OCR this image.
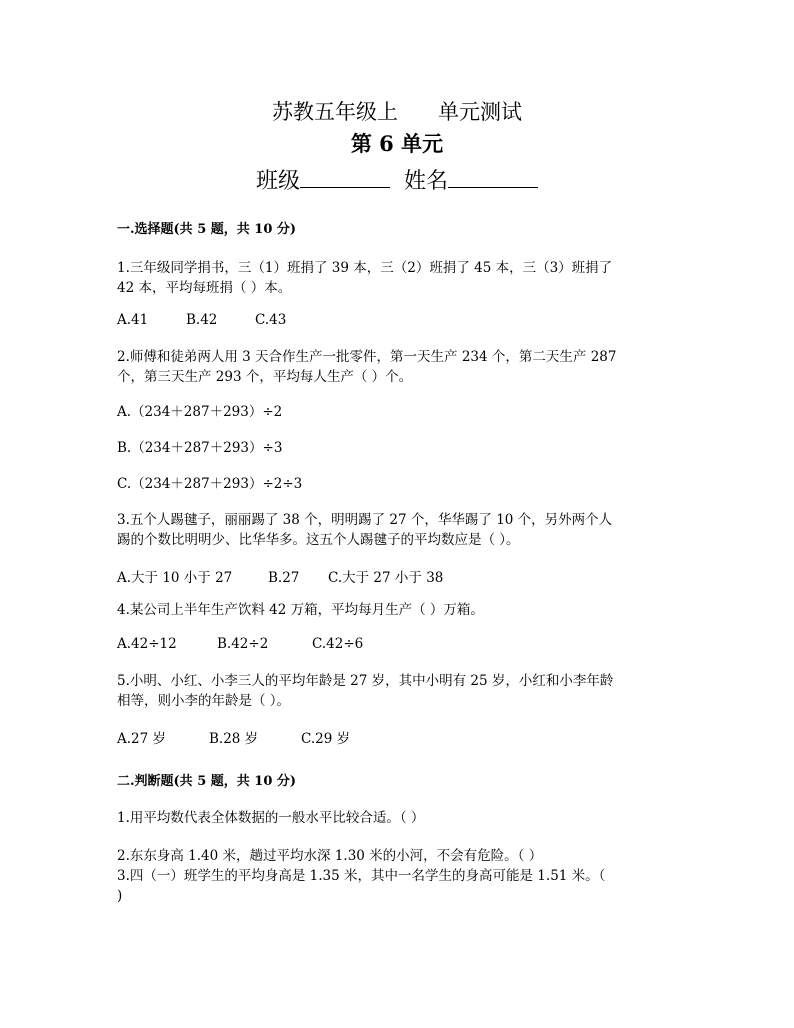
苏教五年级上      单元测试
第 6 单元
班级	姓名
一.选择题(共 5 题，共 10 分)
1.三年级同学捐书，三（1）班捐了 39 本，三（2）班捐了 45 本，三（3）班捐了
42 本，平均每班捐（ ）本。
A.41	B.42	C.43
2.师傅和徒弟两人用 3 天合作生产一批零件，第一天生产 234 个，第二天生产 287
个，第三天生产 293 个，平均每人生产（ ）个。
A.（234＋287＋293）÷2
B.（234＋287＋293）÷3
C.（234＋287＋293）÷2÷3
3.五个人踢毽子，丽丽踢了 38 个，明明踢了 27 个，华华踢了 10 个，另外两个人
踢的个数比明明少、比华华多。这五个人踢毽子的平均数应是（ ）。
A.大于 10 小于 27	B.27 C.大于 27 小于 38
4.某公司上半年生产饮料 42 万箱，平均每月生产（ ）万箱。
A.42÷12	B.42÷2	C.42÷6
5.小明、小红、小李三人的平均年龄是 27 岁，其中小明有 25 岁，小红和小李年龄
相等，则小李的年龄是（ ）。
A.27 岁	B.28 岁	C.29 岁
二.判断题(共 5 题，共 10 分)
1.用平均数代表全体数据的一般水平比较合适。（ ）
2.东东身高 1.40 米，趟过平均水深 1.30 米的小河，不会有危险。（ ）
3.四（一）班学生的平均身高是 1.35 米，其中一名学生的身高可能是 1.51 米。（
)
